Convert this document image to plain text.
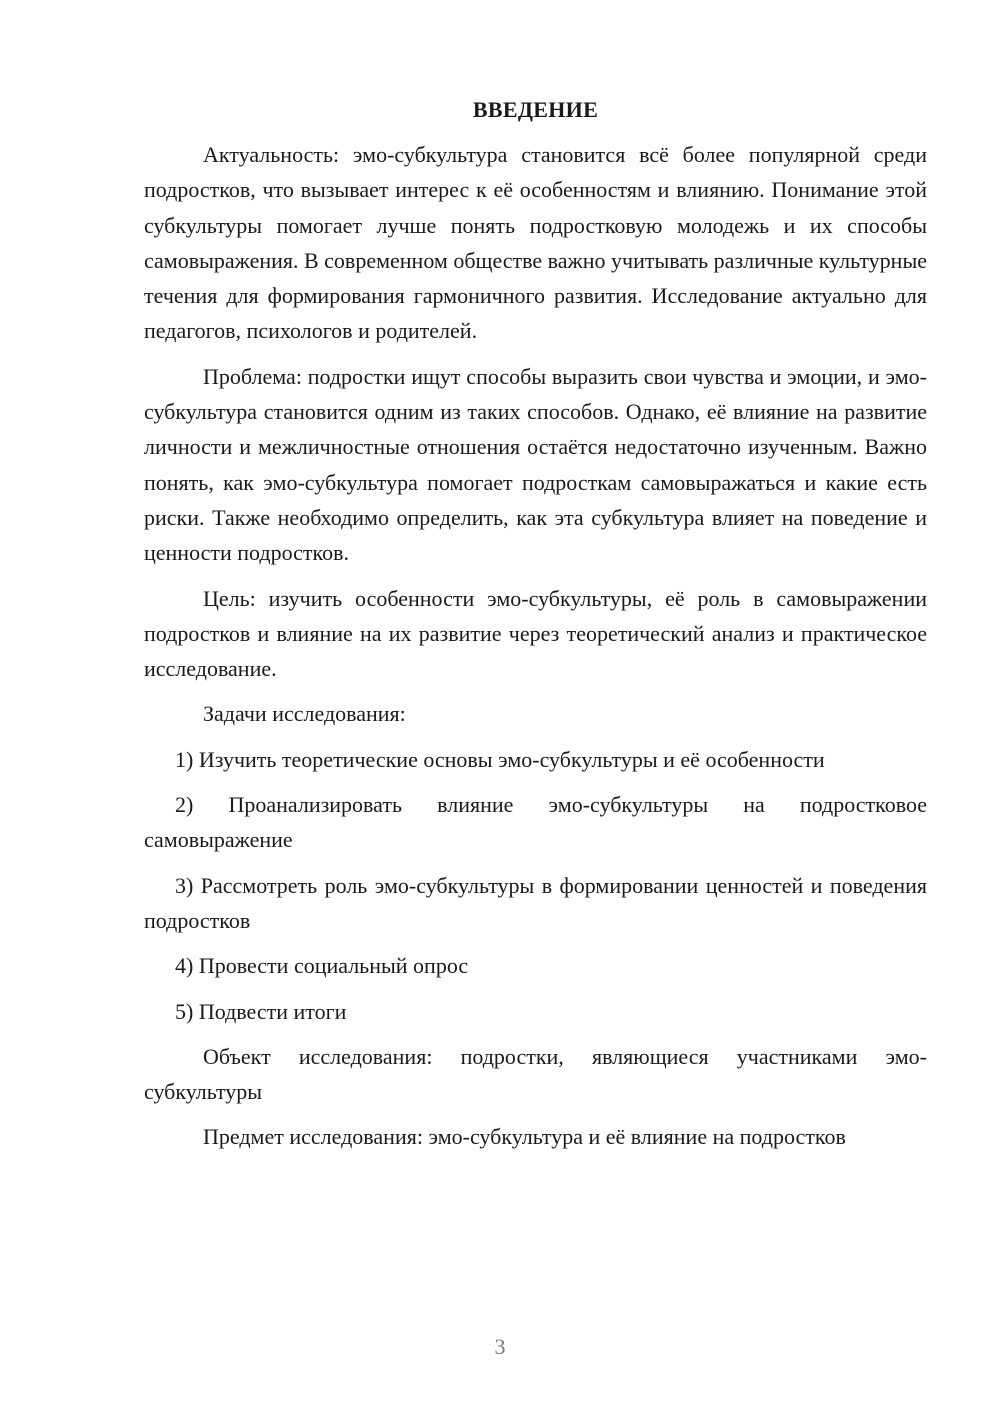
ВВЕДЕНИЕ

Актуальность: эмо-субкультура становится всё более популярной среди подростков, что вызывает интерес к её особенностям и влиянию. Понимание этой субкультуры помогает лучше понять подростковую молодежь и их способы самовыражения. В современном обществе важно учитывать различные культурные течения для формирования гармоничного развития. Исследование актуально для педагогов, психологов и родителей.

Проблема: подростки ищут способы выразить свои чувства и эмоции, и эмо-субкультура становится одним из таких способов. Однако, её влияние на развитие личности и межличностные отношения остаётся недостаточно изученным. Важно понять, как эмо-субкультура помогает подросткам самовыражаться и какие есть риски. Также необходимо определить, как эта субкультура влияет на поведение и ценности подростков.

Цель: изучить особенности эмо-субкультуры, её роль в самовыражении подростков и влияние на их развитие через теоретический анализ и практическое исследование.

Задачи исследования:

1) Изучить теоретические основы эмо-субкультуры и её особенности

2) Проанализировать влияние эмо-субкультуры на подростковое самовыражение

3) Рассмотреть роль эмо-субкультуры в формировании ценностей и поведения подростков

4) Провести социальный опрос

5) Подвести итоги

Объект исследования: подростки, являющиеся участниками эмо-субкультуры

Предмет исследования: эмо-субкультура и её влияние на подростков

3
